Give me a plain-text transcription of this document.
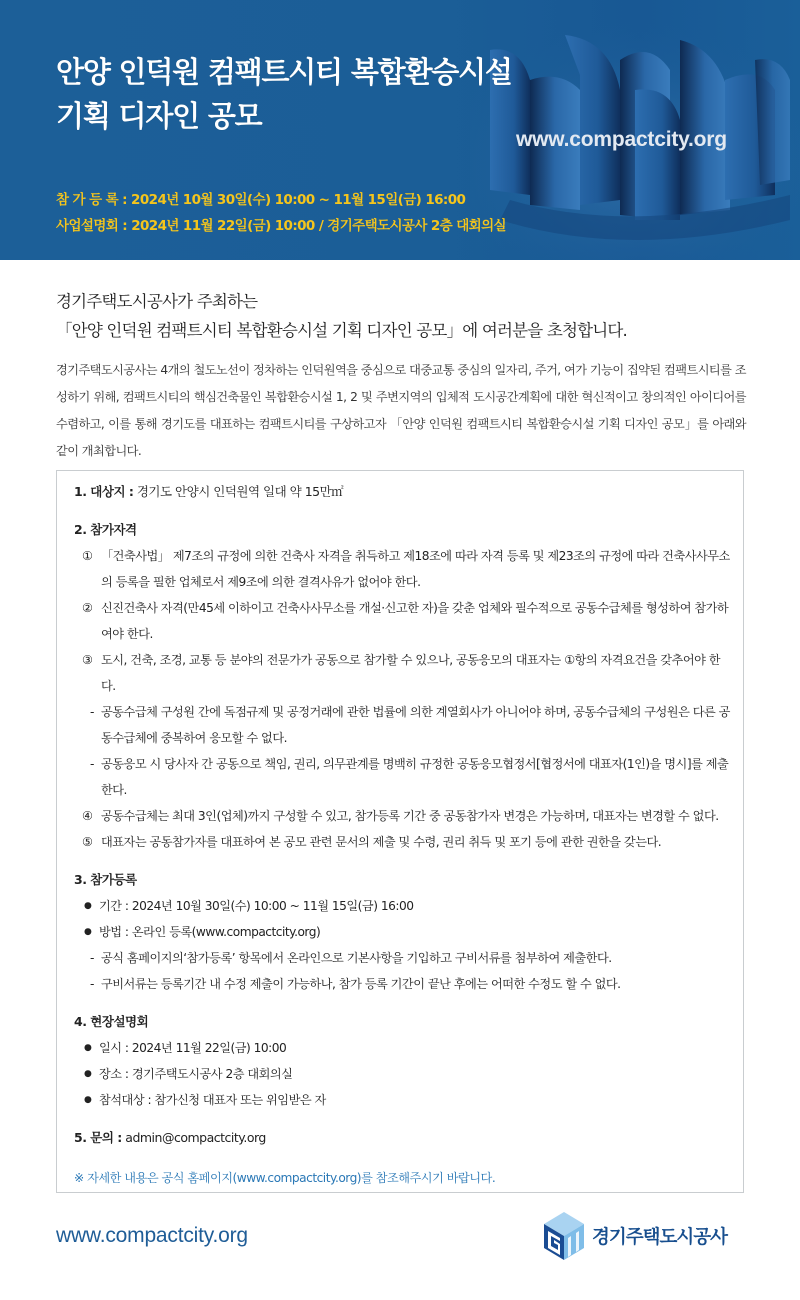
안양 인덕원 컴팩트시티 복합환승시설
기획 디자인 공모
www.compactcity.org
참 가 등 록 : 2024년 10월 30일(수) 10:00 ~ 11월 15일(금) 16:00
사업설명회 : 2024년 11월 22일(금) 10:00 / 경기주택도시공사 2층 대회의실
경기주택도시공사가 주최하는
「안양 인덕원 컴팩트시티 복합환승시설 기획 디자인 공모」에 여러분을 초청합니다.

경기주택도시공사는 4개의 철도노선이 정차하는 인덕원역을 중심으로 대중교통 중심의 일자리, 주거, 여가 기능이 집약된 컴팩트시티를 조성하기 위해, 컴팩트시티의 핵심건축물인 복합환승시설 1, 2 및 주변지역의 입체적 도시공간계획에 대한 혁신적이고 창의적인 아이디어를 수렴하고, 이를 통해 경기도를 대표하는 컴팩트시티를 구상하고자 「안양 인덕원 컴팩트시티 복합환승시설 기획 디자인 공모」를 아래와 같이 개최합니다.

1. 대상지 : 경기도 안양시 인덕원역 일대 약 15만㎡
2. 참가자격
① 「건축사법」 제7조의 규정에 의한 건축사 자격을 취득하고 제18조에 따라 자격 등록 및 제23조의 규정에 따라 건축사사무소의 등록을 필한 업체로서 제9조에 의한 결격사유가 없어야 한다.
② 신진건축사 자격(만45세 이하이고 건축사사무소를 개설·신고한 자)을 갖춘 업체와 필수적으로 공동수급체를 형성하여 참가하여야 한다.
③ 도시, 건축, 조경, 교통 등 분야의 전문가가 공동으로 참가할 수 있으나, 공동응모의 대표자는 ①항의 자격요건을 갖추어야 한다.
- 공동수급체 구성원 간에 독점규제 및 공정거래에 관한 법률에 의한 계열회사가 아니어야 하며, 공동수급체의 구성원은 다른 공동수급체에 중복하여 응모할 수 없다.
- 공동응모 시 당사자 간 공동으로 책임, 권리, 의무관계를 명백히 규정한 공동응모협정서[협정서에 대표자(1인)을 명시]를 제출한다.
④ 공동수급체는 최대 3인(업체)까지 구성할 수 있고, 참가등록 기간 중 공동참가자 변경은 가능하며, 대표자는 변경할 수 없다.
⑤ 대표자는 공동참가자를 대표하여 본 공모 관련 문서의 제출 및 수령, 권리 취득 및 포기 등에 관한 권한을 갖는다.
3. 참가등록
● 기간 : 2024년 10월 30일(수) 10:00 ~ 11월 15일(금) 16:00
● 방법 : 온라인 등록(www.compactcity.org)
- 공식 홈페이지의‘참가등록’ 항목에서 온라인으로 기본사항을 기입하고 구비서류를 첨부하여 제출한다.
- 구비서류는 등록기간 내 수정 제출이 가능하나, 참가 등록 기간이 끝난 후에는 어떠한 수정도 할 수 없다.
4. 현장설명회
● 일시 : 2024년 11월 22일(금) 10:00
● 장소 : 경기주택도시공사 2층 대회의실
● 참석대상 : 참가신청 대표자 또는 위임받은 자
5. 문의 : admin@compactcity.org
※ 자세한 내용은 공식 홈페이지(www.compactcity.org)를 참조해주시기 바랍니다.
www.compactcity.org	경기주택도시공사
